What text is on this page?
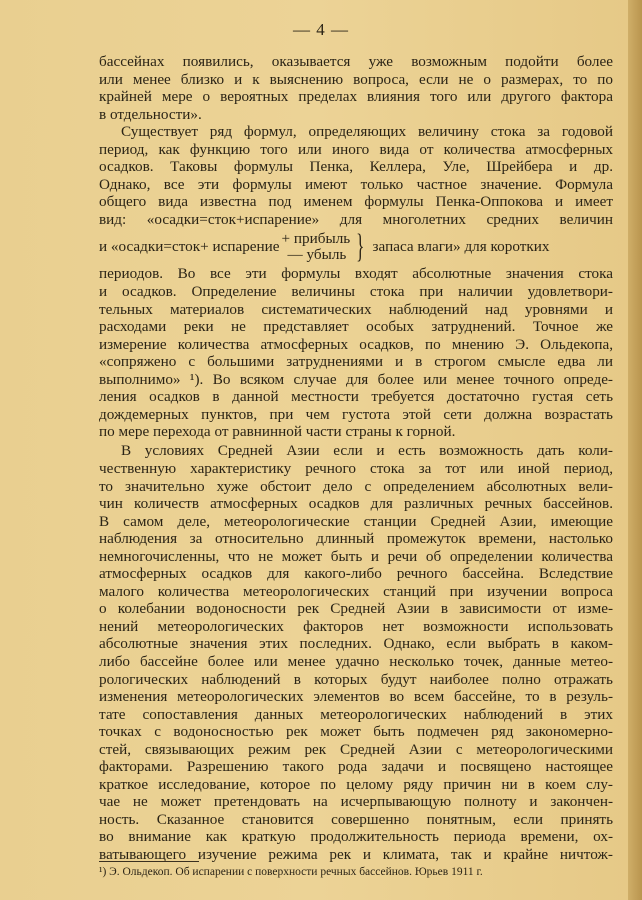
— 4 —
бассейнах появились, оказывается уже возможным подойти более
или менее близко и к выяснению вопроса, если не о размерах, то по
крайней мере о вероятных пределах влияния того или другого фактора
в отдельности».
Существует ряд формул, определяющих величину стока за годовой
период, как функцию того или иного вида от количества атмосферных
осадков. Таковы формулы Пенка, Келлера, Уле, Шрейбера и др.
Однако, все эти формулы имеют только частное значение. Формула
общего вида известна под именем формулы Пенка-Оппокова и имеет
вид: «осадки=сток+испарение» для многолетних средних величин
и «осадки=сток+ испарение + прибыль
— убыль } запаса влаги» для коротких
периодов. Во все эти формулы входят абсолютные значения стока
и осадков. Определение величины стока при наличии удовлетвори-
тельных материалов систематических наблюдений над уровнями и
расходами реки не представляет особых затруднений. Точное же
измерение количества атмосферных осадков, по мнению Э. Ольдекопа,
«сопряжено с большими затруднениями и в строгом смысле едва ли
выполнимо» ¹). Во всяком случае для более или менее точного опреде-
ления осадков в данной местности требуется достаточно густая сеть
дождемерных пунктов, при чем густота этой сети должна возрастать
по мере перехода от равнинной части страны к горной.
В условиях Средней Азии если и есть возможность дать коли-
чественную характеристику речного стока за тот или иной период,
то значительно хуже обстоит дело с определением абсолютных вели-
чин количеств атмосферных осадков для различных речных бассейнов.
В самом деле, метеорологические станции Средней Азии, имеющие
наблюдения за относительно длинный промежуток времени, настолько
немногочисленны, что не может быть и речи об определении количества
атмосферных осадков для какого-либо речного бассейна. Вследствие
малого количества метеорологических станций при изучении вопроса
о колебании водоносности рек Средней Азии в зависимости от изме-
нений метеорологических факторов нет возможности использовать
абсолютные значения этих последних. Однако, если выбрать в каком-
либо бассейне более или менее удачно несколько точек, данные метео-
рологических наблюдений в которых будут наиболее полно отражать
изменения метеорологических элементов во всем бассейне, то в резуль-
тате сопоставления данных метеорологических наблюдений в этих
точках с водоносностью рек может быть подмечен ряд закономерно-
стей, связывающих режим рек Средней Азии с метеорологическими
факторами. Разрешению такого рода задачи и посвящено настоящее
краткое исследование, которое по целому ряду причин ни в коем слу-
чае не может претендовать на исчерпывающую полноту и закончен-
ность. Сказанное становится совершенно понятным, если принять
во внимание как краткую продолжительность периода времени, ох-
ватывающего изучение режима рек и климата, так и крайне ничтож-
¹) Э. Ольдекоп. Об испарении с поверхности речных бассейнов. Юрьев 1911 г.
